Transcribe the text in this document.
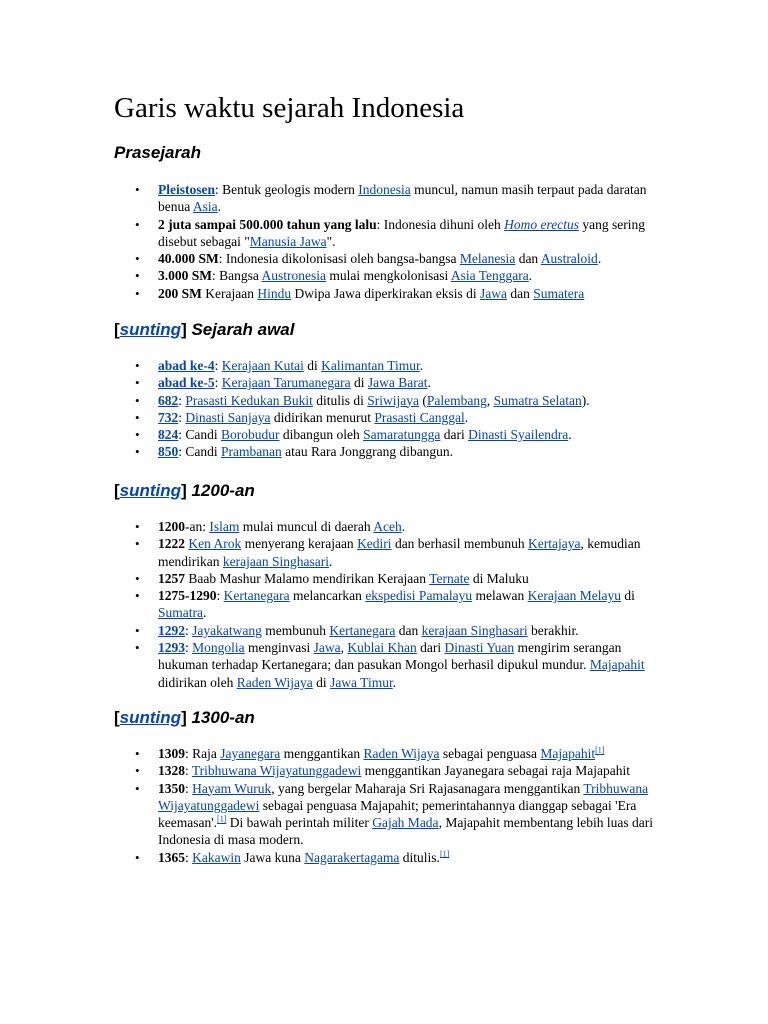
Garis waktu sejarah Indonesia
Prasejarah
• Pleistosen: Bentuk geologis modern Indonesia muncul, namun masih terpaut pada daratan benua Asia.
• 2 juta sampai 500.000 tahun yang lalu: Indonesia dihuni oleh Homo erectus yang sering disebut sebagai "Manusia Jawa".
• 40.000 SM: Indonesia dikolonisasi oleh bangsa-bangsa Melanesia dan Australoid.
• 3.000 SM: Bangsa Austronesia mulai mengkolonisasi Asia Tenggara.
• 200 SM Kerajaan Hindu Dwipa Jawa diperkirakan eksis di Jawa dan Sumatera
[sunting] Sejarah awal
• abad ke-4: Kerajaan Kutai di Kalimantan Timur.
• abad ke-5: Kerajaan Tarumanegara di Jawa Barat.
• 682: Prasasti Kedukan Bukit ditulis di Sriwijaya (Palembang, Sumatra Selatan).
• 732: Dinasti Sanjaya didirikan menurut Prasasti Canggal.
• 824: Candi Borobudur dibangun oleh Samaratungga dari Dinasti Syailendra.
• 850: Candi Prambanan atau Rara Jonggrang dibangun.
[sunting] 1200-an
• 1200-an: Islam mulai muncul di daerah Aceh.
• 1222 Ken Arok menyerang kerajaan Kediri dan berhasil membunuh Kertajaya, kemudian mendirikan kerajaan Singhasari.
• 1257 Baab Mashur Malamo mendirikan Kerajaan Ternate di Maluku
• 1275-1290: Kertanegara melancarkan ekspedisi Pamalayu melawan Kerajaan Melayu di Sumatra.
• 1292: Jayakatwang membunuh Kertanegara dan kerajaan Singhasari berakhir.
• 1293: Mongolia menginvasi Jawa, Kublai Khan dari Dinasti Yuan mengirim serangan hukuman terhadap Kertanegara; dan pasukan Mongol berhasil dipukul mundur. Majapahit didirikan oleh Raden Wijaya di Jawa Timur.
[sunting] 1300-an
• 1309: Raja Jayanegara menggantikan Raden Wijaya sebagai penguasa Majapahit[1]
• 1328: Tribhuwana Wijayatunggadewi menggantikan Jayanegara sebagai raja Majapahit
• 1350: Hayam Wuruk, yang bergelar Maharaja Sri Rajasanagara menggantikan Tribhuwana Wijayatunggadewi sebagai penguasa Majapahit; pemerintahannya dianggap sebagai 'Era keemasan'.[1] Di bawah perintah militer Gajah Mada, Majapahit membentang lebih luas dari Indonesia di masa modern.
• 1365: Kakawin Jawa kuna Nagarakertagama ditulis.[1]
